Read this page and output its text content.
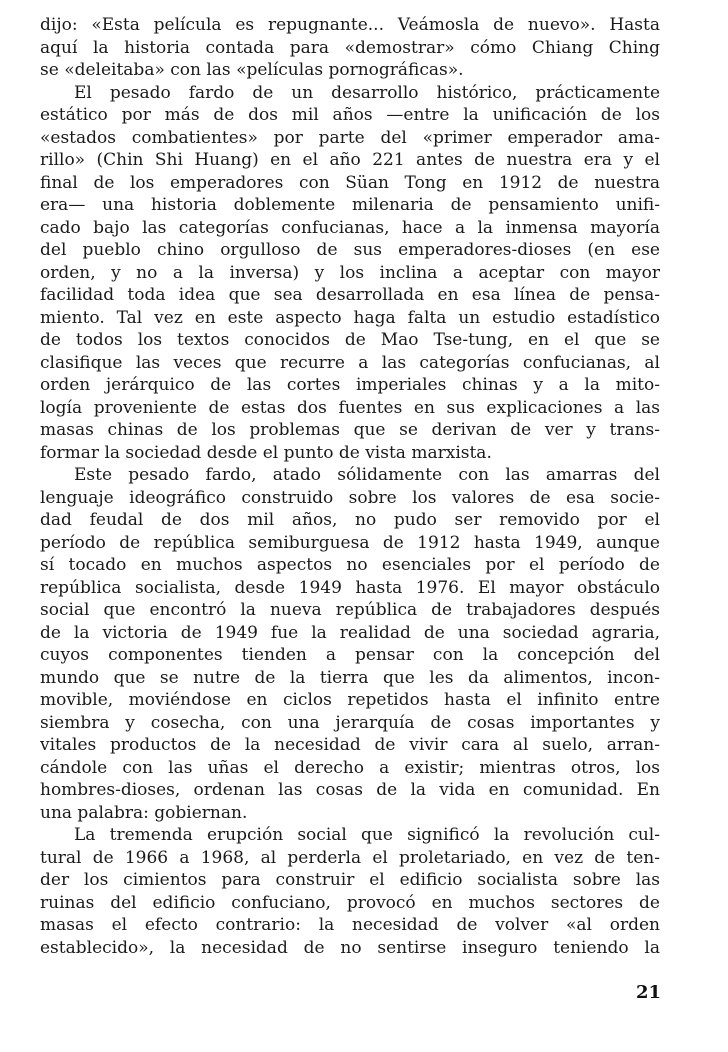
dijo: «Esta película es repugnante... Veámosla de nuevo». Hasta
aquí la historia contada para «demostrar» cómo Chiang Ching
se «deleitaba» con las «películas pornográficas».
El pesado fardo de un desarrollo histórico, prácticamente
estático por más de dos mil años —entre la unificación de los
«estados combatientes» por parte del «primer emperador ama-
rillo» (Chin Shi Huang) en el año 221 antes de nuestra era y el
final de los emperadores con Süan Tong en 1912 de nuestra
era— una historia doblemente milenaria de pensamiento unifi-
cado bajo las categorías confucianas, hace a la inmensa mayoría
del pueblo chino orgulloso de sus emperadores-dioses (en ese
orden, y no a la inversa) y los inclina a aceptar con mayor
facilidad toda idea que sea desarrollada en esa línea de pensa-
miento. Tal vez en este aspecto haga falta un estudio estadístico
de todos los textos conocidos de Mao Tse-tung, en el que se
clasifique las veces que recurre a las categorías confucianas, al
orden jerárquico de las cortes imperiales chinas y a la mito-
logía proveniente de estas dos fuentes en sus explicaciones a las
masas chinas de los problemas que se derivan de ver y trans-
formar la sociedad desde el punto de vista marxista.
Este pesado fardo, atado sólidamente con las amarras del
lenguaje ideográfico construido sobre los valores de esa socie-
dad feudal de dos mil años, no pudo ser removido por el
período de república semiburguesa de 1912 hasta 1949, aunque
sí tocado en muchos aspectos no esenciales por el período de
república socialista, desde 1949 hasta 1976. El mayor obstáculo
social que encontró la nueva república de trabajadores después
de la victoria de 1949 fue la realidad de una sociedad agraria,
cuyos componentes tienden a pensar con la concepción del
mundo que se nutre de la tierra que les da alimentos, incon-
movible, moviéndose en ciclos repetidos hasta el infinito entre
siembra y cosecha, con una jerarquía de cosas importantes y
vitales productos de la necesidad de vivir cara al suelo, arran-
cándole con las uñas el derecho a existir; mientras otros, los
hombres-dioses, ordenan las cosas de la vida en comunidad. En
una palabra: gobiernan.
La tremenda erupción social que significó la revolución cul-
tural de 1966 a 1968, al perderla el proletariado, en vez de ten-
der los cimientos para construir el edificio socialista sobre las
ruinas del edificio confuciano, provocó en muchos sectores de
masas el efecto contrario: la necesidad de volver «al orden
establecido», la necesidad de no sentirse inseguro teniendo la
21
